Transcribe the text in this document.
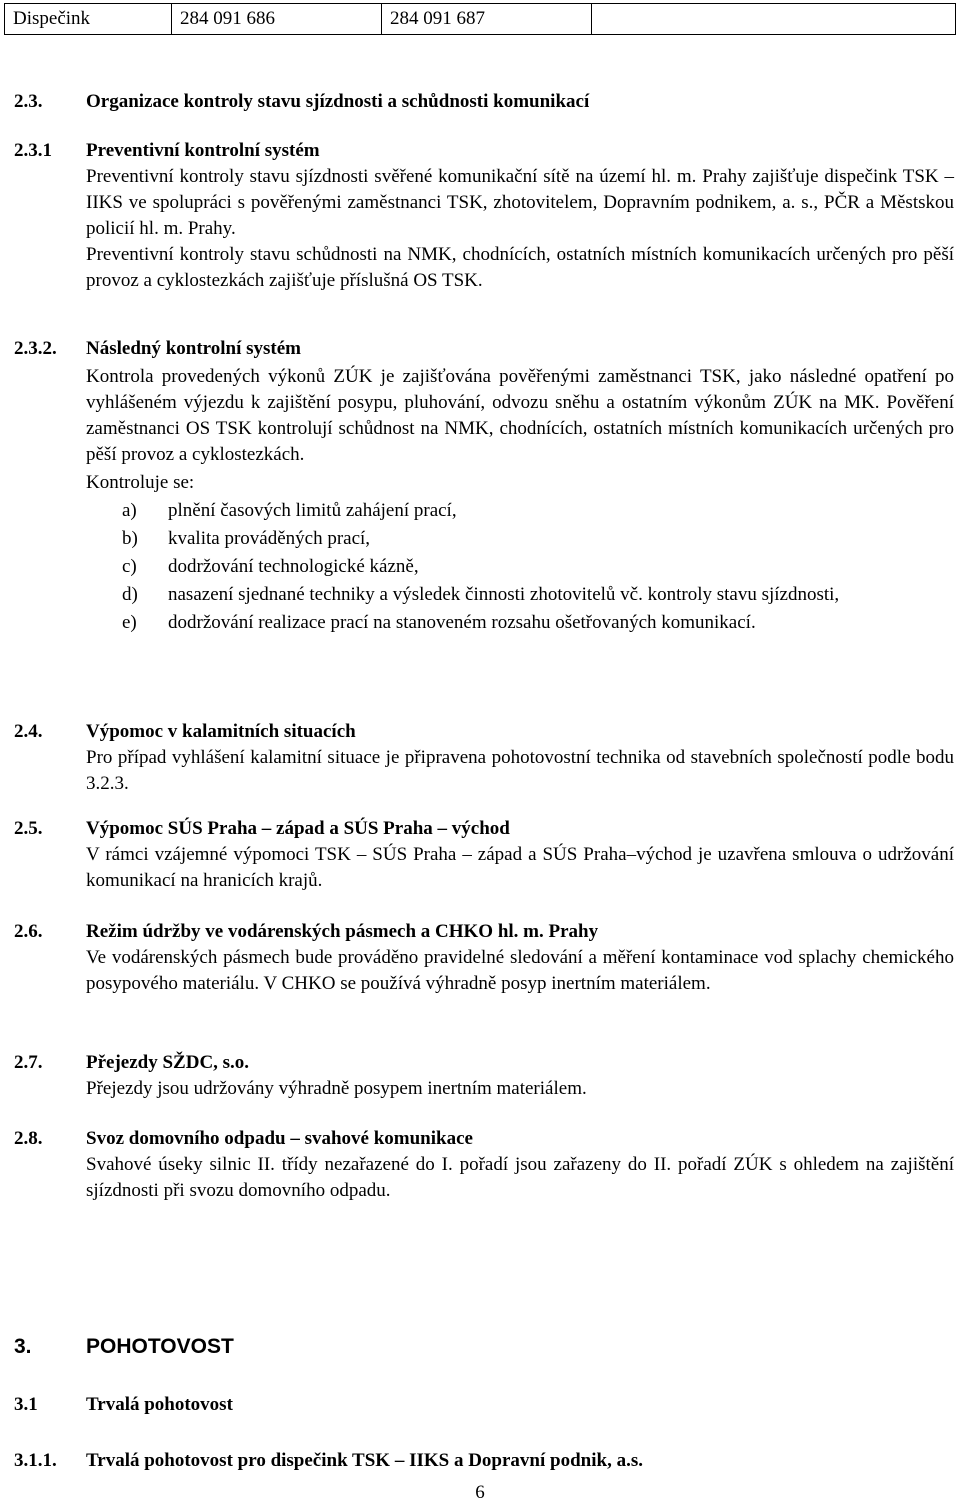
Dispečink	284 091 686	284 091 687	
2.3. Organizace kontroly stavu sjízdnosti a schůdnosti komunikací
2.3.1 Preventivní kontrolní systém
Preventivní kontroly stavu sjízdnosti svěřené komunikační sítě na území hl. m. Prahy zajišťuje dispečink TSK – IIKS ve spolupráci s pověřenými zaměstnanci TSK, zhotovitelem, Dopravním podnikem, a. s., PČR a Městskou policií hl. m. Prahy.
Preventivní kontroly stavu schůdnosti na NMK, chodnících, ostatních místních komunikacích určených pro pěší provoz a cyklostezkách zajišťuje příslušná OS TSK.
2.3.2. Následný kontrolní systém
Kontrola provedených výkonů ZÚK je zajišťována pověřenými zaměstnanci TSK, jako následné opatření po vyhlášeném výjezdu k zajištění posypu, pluhování, odvozu sněhu a ostatním výkonům ZÚK na MK. Pověření zaměstnanci OS TSK kontrolují schůdnost na NMK, chodnících, ostatních místních komunikacích určených pro pěší provoz a cyklostezkách.
Kontroluje se:
a) plnění časových limitů zahájení prací,
b) kvalita prováděných prací,
c) dodržování technologické kázně,
d) nasazení sjednané techniky a výsledek činnosti zhotovitelů vč. kontroly stavu sjízdnosti,
e) dodržování realizace prací na stanoveném rozsahu ošetřovaných komunikací.
2.4. Výpomoc v kalamitních situacích
Pro případ vyhlášení kalamitní situace je připravena pohotovostní technika od stavebních společností podle bodu 3.2.3.
2.5. Výpomoc SÚS Praha – západ a SÚS Praha – východ
V rámci vzájemné výpomoci TSK – SÚS Praha – západ a SÚS Praha–východ je uzavřena smlouva o udržování komunikací na hranicích krajů.
2.6. Režim údržby ve vodárenských pásmech a CHKO hl. m. Prahy
Ve vodárenských pásmech bude prováděno pravidelné sledování a měření kontaminace vod splachy chemického posypového materiálu. V CHKO se používá výhradně posyp inertním materiálem.
2.7. Přejezdy SŽDC, s.o.
Přejezdy jsou udržovány výhradně posypem inertním materiálem.
2.8. Svoz domovního odpadu – svahové komunikace
Svahové úseky silnic II. třídy nezařazené do I. pořadí jsou zařazeny do II. pořadí ZÚK s ohledem na zajištění sjízdnosti při svozu domovního odpadu.
3.	POHOTOVOST
3.1	Trvalá pohotovost
3.1.1. Trvalá pohotovost pro dispečink TSK – IIKS a Dopravní podnik, a.s.
6
